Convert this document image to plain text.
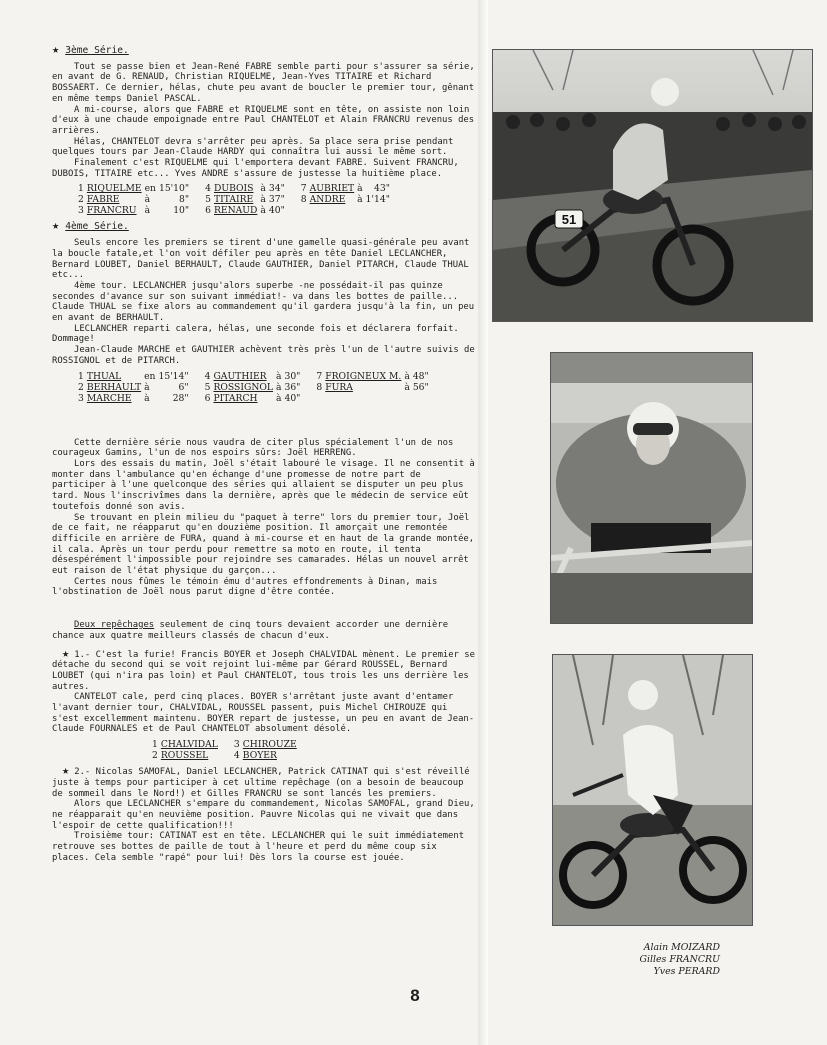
★ 3ème Série.

Tout se passe bien et Jean-René FABRE semble parti pour s'assurer sa série, en avant de G. RENAUD, Christian RIQUELME, Jean-Yves TITAIRE et Richard BOSSAERT. Ce dernier, hélas, chute peu avant de boucler le premier tour, gênant en même temps Daniel PASCAL.

A mi-course, alors que FABRE et RIQUELME sont en tête, on assiste non loin d'eux à une chaude empoignade entre Paul CHANTELOT et Alain FRANCRU revenus des arrières.

Hélas, CHANTELOT devra s'arrêter peu après. Sa place sera prise pendant quelques tours par Jean-Claude HARDY qui connaîtra lui aussi le même sort.

Finalement c'est RIQUELME qui l'emportera devant FABRE. Suivent FRANCRU, DUBOIS, TITAIRE etc... Yves ANDRE s'assure de justesse la huitième place.

1	RIQUELME	en	15'10"		4	DUBOIS	à	34"		7	AUBRIET	à	43"
2	FABRE	à	8"		5	TITAIRE	à	37"		8	ANDRE	à	1'14"
3	FRANCRU	à	10"		6	RENAUD	à	40"					
★ 4ème Série.

Seuls encore les premiers se tirent d'une gamelle quasi-générale peu avant la boucle fatale,et l'on voit défiler peu après en tête Daniel LECLANCHER, Bernard LOUBET, Daniel BERHAULT, Claude GAUTHIER, Daniel PITARCH, Claude THUAL etc...

4ème tour. LECLANCHER jusqu'alors superbe -ne possédait-il pas quinze secondes d'avance sur son suivant immédiat!- va dans les bottes de paille... Claude THUAL se fixe alors au commandement qu'il gardera jusqu'à la fin, un peu en avant de BERHAULT.

LECLANCHER reparti calera, hélas, une seconde fois et déclarera forfait. Dommage!

Jean-Claude MARCHE et GAUTHIER achèvent très près l'un de l'autre suivis de ROSSIGNOL et de PITARCH.

1	THUAL	en	15'14"		4	GAUTHIER	à	30"		7	FROIGNEUX M.	à	48"
2	BERHAULT	à	6"		5	ROSSIGNOL	à	36"		8	FURA	à	56"
3	MARCHE	à	28"		6	PITARCH	à	40"					

Cette dernière série nous vaudra de citer plus spécialement l'un de nos courageux Gamins, l'un de nos espoirs sûrs: Joël HERRENG.

Lors des essais du matin, Joël s'était labouré le visage. Il ne consentit à monter dans l'ambulance qu'en échange d'une promesse de notre part de participer à l'une quelconque des séries qui allaient se disputer un peu plus tard. Nous l'inscrivîmes dans la dernière, après que le médecin de service eût toutefois donné son avis.

Se trouvant en plein milieu du "paquet à terre" lors du premier tour, Joël de ce fait, ne réapparut qu'en douzième position. Il amorçait une remontée difficile en arrière de FURA, quand à mi-course et en haut de la grande montée, il cala. Après un tour perdu pour remettre sa moto en route, il tenta désespérément l'impossible pour rejoindre ses camarades. Hélas un nouvel arrêt eut raison de l'état physique du garçon...

Certes nous fûmes le témoin ému d'autres effondrements à Dinan, mais l'obstination de Joël nous parut digne d'être contée.

Deux repêchages seulement de cinq tours devaient accorder une dernière chance aux quatre meilleurs classés de chacun d'eux.

★ 1.- C'est la furie! Francis BOYER et Joseph CHALVIDAL mènent. Le premier se détache du second qui se voit rejoint lui-même par Gérard ROUSSEL, Bernard LOUBET (qui n'ira pas loin) et Paul CHANTELOT, tous trois les uns derrière les autres.

CANTELOT cale, perd cinq places. BOYER s'arrêtant juste avant d'entamer l'avant dernier tour, CHALVIDAL, ROUSSEL passent, puis Michel CHIROUZE qui s'est excellemment maintenu. BOYER repart de justesse, un peu en avant de Jean-Claude FOURNALES et de Paul CHANTELOT absolument désolé.

1	CHALVIDAL		3	CHIROUZE
2	ROUSSEL		4	BOYER

★ 2.- Nicolas SAMOFAL, Daniel LECLANCHER, Patrick CATINAT qui s'est réveillé juste à temps pour participer à cet ultime repêchage (on a besoin de beaucoup de sommeil dans le Nord!) et Gilles FRANCRU se sont lancés les premiers.

Alors que LECLANCHER s'empare du commandement, Nicolas SAMOFAL, grand Dieu, ne réapparait qu'en neuvième position. Pauvre Nicolas qui ne vivait que dans l'espoir de cette qualification!!!

Troisième tour: CATINAT est en tête. LECLANCHER qui le suit immédiatement retrouve ses bottes de paille de tout à l'heure et perd du même coup six places. Cela semble "rapé" pour lui! Dès lors la course est jouée.

51
Alain MOIZARD
Gilles FRANCRU
Yves PERARD
8
